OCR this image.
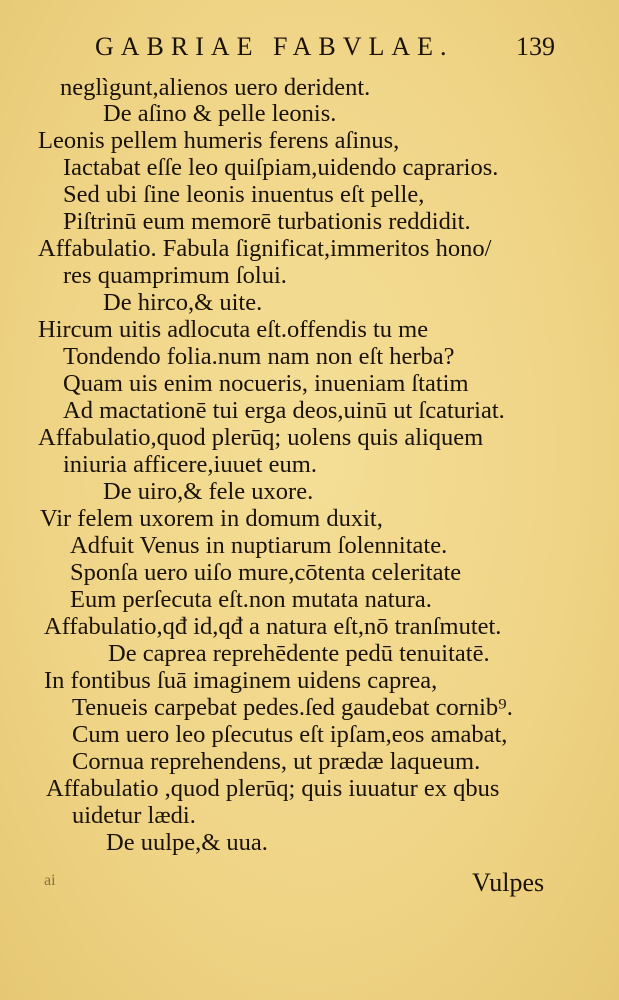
GABRIAE FABVLAE. 139
neglìgunt,alienos uero derident.
De aſino & pelle leonis.
Leonis pellem humeris ferens aſinus,
Iactabat eſſe leo quiſpiam,uidendo caprarios.
Sed ubi ſine leonis inuentus eſt pelle,
Piſtrinū eum memorē turbationis reddidit.
Affabulatio. Fabula ſignificat,immeritos hono/
res quamprimum ſolui.
De hirco,& uite.
Hircum uitis adlocuta eſt.offendis tu me
Tondendo folia.num nam non eſt herba?
Quam uis enim nocueris, inueniam ſtatim
Ad mactationē tui erga deos,uinū ut ſcaturiat.
Affabulatio,quod plerūq; uolens quis aliquem
iniuria afficere,iuuet eum.
De uiro,& fele uxore.
Vir felem uxorem in domum duxit,
Adfuit Venus in nuptiarum ſolennitate.
Sponſa uero uiſo mure,cōtenta celeritate
Eum perſecuta eſt.non mutata natura.
Affabulatio,qđ id,qđ a natura eſt,nō tranſmutet.
De caprea reprehēdente pedū tenuitatē.
In fontibus ſuā imaginem uidens caprea,
Tenueis carpebat pedes.ſed gaudebat cornib⁹.
Cum uero leo pſecutus eſt ipſam,eos amabat,
Cornua reprehendens, ut prædæ laqueum.
Affabulatio ,quod plerūq; quis iuuatur ex qbus
uidetur lædi.
De uulpe,& uua.
ai	Vulpes
